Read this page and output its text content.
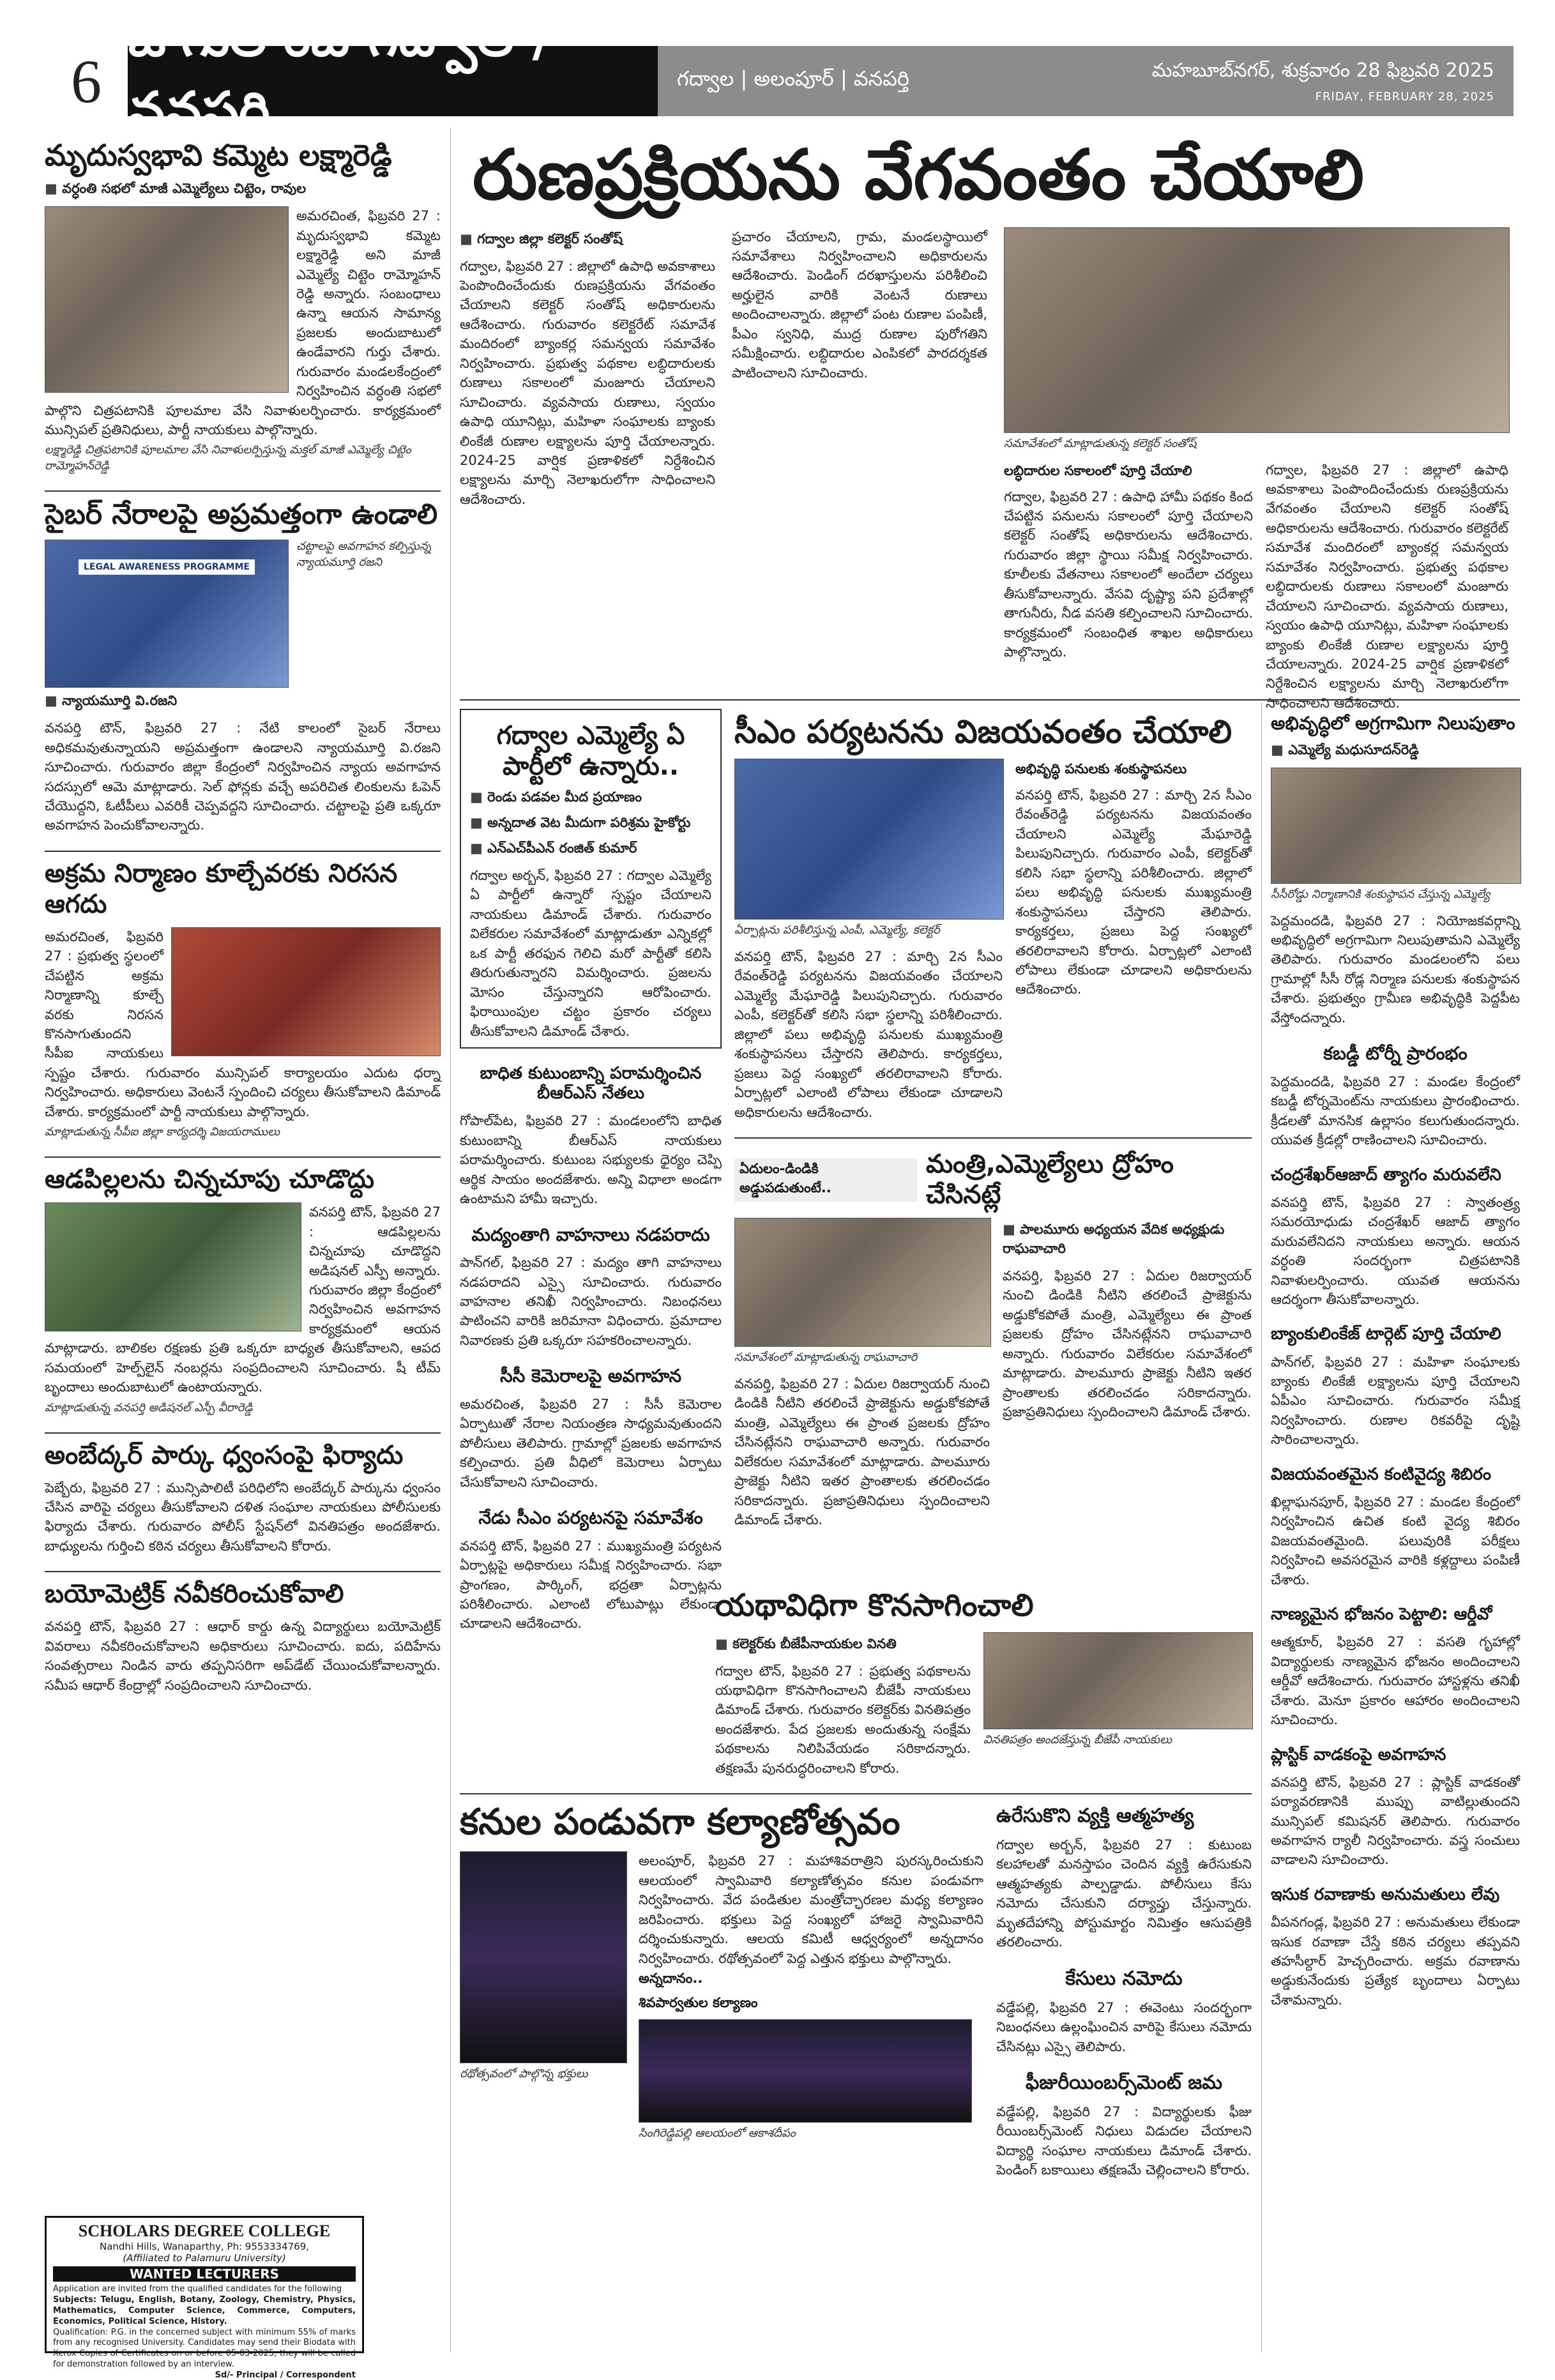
6
జోగులాంబ గద్వాల / వనపర్తి
గద్వాల | అలంపూర్ | వనపర్తి	మహబూబ్‌నగర్, శుక్రవారం 28 ఫిబ్రవరి 2025
FRIDAY, FEBRUARY 28, 2025
మృదుస్వభావి కమ్మెట లక్ష్మారెడ్డి
■ వర్ధంతి సభలో మాజీ ఎమ్మెల్యేలు చిట్టెం, రావుల
అమరచింత, ఫిబ్రవరి 27 : మృదుస్వభావి కమ్మెట లక్ష్మారెడ్డి అని మాజీ ఎమ్మెల్యే చిట్టెం రామ్మోహన్ రెడ్డి అన్నారు. సంబంధాలు ఉన్నా ఆయన సామాన్య ప్రజలకు అందుబాటులో ఉండేవారని గుర్తు చేశారు. గురువారం మండలకేంద్రంలో నిర్వహించిన వర్ధంతి సభలో పాల్గొని చిత్రపటానికి పూలమాల వేసి నివాళులర్పించారు. కార్యక్రమంలో మున్సిపల్ ప్రతినిధులు, పార్టీ నాయకులు పాల్గొన్నారు.
లక్ష్మారెడ్డి చిత్రపటానికి పూలమాల వేసి నివాళులర్పిస్తున్న మక్తల్ మాజీ ఎమ్మెల్యే చిట్టెం రామ్మోహన్‌రెడ్డి
సైబర్ నేరాలపై అప్రమత్తంగా ఉండాలి
LEGAL AWARENESS PROGRAMME
చట్టాలపై అవగాహన కల్పిస్తున్న న్యాయమూర్తి రజని
■ న్యాయమూర్తి వి.రజని
వనపర్తి టౌన్, ఫిబ్రవరి 27 : నేటి కాలంలో సైబర్ నేరాలు అధికమవుతున్నాయని అప్రమత్తంగా ఉండాలని న్యాయమూర్తి వి.రజని సూచించారు. గురువారం జిల్లా కేంద్రంలో నిర్వహించిన న్యాయ అవగాహన సదస్సులో ఆమె మాట్లాడారు. సెల్ ఫోన్లకు వచ్చే అపరిచిత లింకులను ఓపెన్ చేయొద్దని, ఓటీపీలు ఎవరికీ చెప్పవద్దని సూచించారు. చట్టాలపై ప్రతి ఒక్కరూ అవగాహన పెంచుకోవాలన్నారు.
అక్రమ నిర్మాణం కూల్చేవరకు నిరసన ఆగదు
అమరచింత, ఫిబ్రవరి 27 : ప్రభుత్వ స్థలంలో చేపట్టిన అక్రమ నిర్మాణాన్ని కూల్చే వరకు నిరసన కొనసాగుతుందని సీపీఐ నాయకులు స్పష్టం చేశారు. గురువారం మున్సిపల్ కార్యాలయం ఎదుట ధర్నా నిర్వహించారు. అధికారులు వెంటనే స్పందించి చర్యలు తీసుకోవాలని డిమాండ్ చేశారు. కార్యక్రమంలో పార్టీ నాయకులు పాల్గొన్నారు.
మాట్లాడుతున్న సీపీఐ జిల్లా కార్యదర్శి విజయరాములు
ఆడపిల్లలను చిన్నచూపు చూడొద్దు
వనపర్తి టౌన్, ఫిబ్రవరి 27 : ఆడపిల్లలను చిన్నచూపు చూడొద్దని అడిషనల్ ఎస్పీ అన్నారు. గురువారం జిల్లా కేంద్రంలో నిర్వహించిన అవగాహన కార్యక్రమంలో ఆయన మాట్లాడారు. బాలికల రక్షణకు ప్రతి ఒక్కరూ బాధ్యత తీసుకోవాలని, ఆపద సమయంలో హెల్ప్‌లైన్ నంబర్లను సంప్రదించాలని సూచించారు. షీ టీమ్ బృందాలు అందుబాటులో ఉంటాయన్నారు.
మాట్లాడుతున్న వనపర్తి అడిషనల్ ఎస్పీ వీరారెడ్డి
అంబేద్కర్ పార్కు ధ్వంసంపై ఫిర్యాదు
పెబ్బేరు, ఫిబ్రవరి 27 : మున్సిపాలిటీ పరిధిలోని అంబేద్కర్ పార్కును ధ్వంసం చేసిన వారిపై చర్యలు తీసుకోవాలని దళిత సంఘాల నాయకులు పోలీసులకు ఫిర్యాదు చేశారు. గురువారం పోలీస్ స్టేషన్‌లో వినతిపత్రం అందజేశారు. బాధ్యులను గుర్తించి కఠిన చర్యలు తీసుకోవాలని కోరారు.
బయోమెట్రిక్ నవీకరించుకోవాలి
వనపర్తి టౌన్, ఫిబ్రవరి 27 : ఆధార్ కార్డు ఉన్న విద్యార్థులు బయోమెట్రిక్ వివరాలు నవీకరించుకోవాలని అధికారులు సూచించారు. ఐదు, పదిహేను సంవత్సరాలు నిండిన వారు తప్పనిసరిగా అప్‌డేట్ చేయించుకోవాలన్నారు. సమీప ఆధార్ కేంద్రాల్లో సంప్రదించాలని సూచించారు.
SCHOLARS DEGREE COLLEGE
Nandhi Hills, Wanaparthy, Ph: 9553334769,
(Affiliated to Palamuru University)
WANTED LECTURERS
Application are invited from the qualified candidates for the following
Subjects: Telugu, English, Botany, Zoology, Chemistry, Physics, Mathematics, Computer Science, Commerce, Computers, Economics, Political Science, History.
Qualification: P.G. in the concerned subject with minimum 55% of marks from any recognised University. Candidates may send their Biodata with Xerox Copies of Certificates on or before 05-03-2025, they will be called for demonstration followed by an interview.
Sd/- Principal / Correspondent
రుణప్రక్రియను వేగవంతం చేయాలి
■ గద్వాల జిల్లా కలెక్టర్ సంతోష్
గద్వాల, ఫిబ్రవరి 27 : జిల్లాలో ఉపాధి అవకాశాలు పెంపొందించేందుకు రుణప్రక్రియను వేగవంతం చేయాలని కలెక్టర్ సంతోష్ అధికారులను ఆదేశించారు. గురువారం కలెక్టరేట్ సమావేశ మందిరంలో బ్యాంకర్ల సమన్వయ సమావేశం నిర్వహించారు. ప్రభుత్వ పథకాల లబ్ధిదారులకు రుణాలు సకాలంలో మంజూరు చేయాలని సూచించారు. వ్యవసాయ రుణాలు, స్వయం ఉపాధి యూనిట్లు, మహిళా సంఘాలకు బ్యాంకు లింకేజీ రుణాల లక్ష్యాలను పూర్తి చేయాలన్నారు. 2024-25 వార్షిక ప్రణాళికలో నిర్దేశించిన లక్ష్యాలను మార్చి నెలాఖరులోగా సాధించాలని ఆదేశించారు.
ప్రచారం చేయాలని, గ్రామ, మండలస్థాయిలో సమావేశాలు నిర్వహించాలని అధికారులను ఆదేశించారు. పెండింగ్ దరఖాస్తులను పరిశీలించి అర్హులైన వారికి వెంటనే రుణాలు అందించాలన్నారు. జిల్లాలో పంట రుణాల పంపిణీ, పీఎం స్వనిధి, ముద్ర రుణాల పురోగతిని సమీక్షించారు. లబ్ధిదారుల ఎంపికలో పారదర్శకత పాటించాలని సూచించారు.
సమావేశంలో మాట్లాడుతున్న కలెక్టర్ సంతోష్
లబ్ధిదారుల సకాలంలో పూర్తి చేయాలి
గద్వాల, ఫిబ్రవరి 27 : ఉపాధి హామీ పథకం కింద చేపట్టిన పనులను సకాలంలో పూర్తి చేయాలని కలెక్టర్ సంతోష్ అధికారులను ఆదేశించారు. గురువారం జిల్లా స్థాయి సమీక్ష నిర్వహించారు. కూలీలకు వేతనాలు సకాలంలో అందేలా చర్యలు తీసుకోవాలన్నారు. వేసవి దృష్ట్యా పని ప్రదేశాల్లో తాగునీరు, నీడ వసతి కల్పించాలని సూచించారు. కార్యక్రమంలో సంబంధిత శాఖల అధికారులు పాల్గొన్నారు.
గద్వాల, ఫిబ్రవరి 27 : జిల్లాలో ఉపాధి అవకాశాలు పెంపొందించేందుకు రుణప్రక్రియను వేగవంతం చేయాలని కలెక్టర్ సంతోష్ అధికారులను ఆదేశించారు. గురువారం కలెక్టరేట్ సమావేశ మందిరంలో బ్యాంకర్ల సమన్వయ సమావేశం నిర్వహించారు. ప్రభుత్వ పథకాల లబ్ధిదారులకు రుణాలు సకాలంలో మంజూరు చేయాలని సూచించారు. వ్యవసాయ రుణాలు, స్వయం ఉపాధి యూనిట్లు, మహిళా సంఘాలకు బ్యాంకు లింకేజీ రుణాల లక్ష్యాలను పూర్తి చేయాలన్నారు. 2024-25 వార్షిక ప్రణాళికలో నిర్దేశించిన లక్ష్యాలను మార్చి నెలాఖరులోగా సాధించాలని ఆదేశించారు.
గద్వాల ఎమ్మెల్యే ఏ పార్టీలో ఉన్నారు..
■ రెండు పడవల మీద ప్రయాణం
■ అన్నదాత వెట మీదుగా పరిశ్రమ హైకోర్టు
■ ఎన్‌ఎచ్‌పీఎన్ రంజిత్ కుమార్
గద్వాల అర్బన్, ఫిబ్రవరి 27 : గద్వాల ఎమ్మెల్యే ఏ పార్టీలో ఉన్నారో స్పష్టం చేయాలని నాయకులు డిమాండ్ చేశారు. గురువారం విలేకరుల సమావేశంలో మాట్లాడుతూ ఎన్నికల్లో ఒక పార్టీ తరఫున గెలిచి మరో పార్టీతో కలిసి తిరుగుతున్నారని విమర్శించారు. ప్రజలను మోసం చేస్తున్నారని ఆరోపించారు. ఫిరాయింపుల చట్టం ప్రకారం చర్యలు తీసుకోవాలని డిమాండ్ చేశారు.
బాధిత కుటుంబాన్ని పరామర్శించిన బీఆర్‌ఎస్ నేతలు
గోపాల్‌పేట, ఫిబ్రవరి 27 : మండలంలోని బాధిత కుటుంబాన్ని బీఆర్ఎస్ నాయకులు పరామర్శించారు. కుటుంబ సభ్యులకు ధైర్యం చెప్పి ఆర్థిక సాయం అందజేశారు. అన్ని విధాలా అండగా ఉంటామని హామీ ఇచ్చారు.
మద్యంతాగి వాహనాలు నడపరాదు
పాన్‌గల్, ఫిబ్రవరి 27 : మద్యం తాగి వాహనాలు నడపరాదని ఎస్సై సూచించారు. గురువారం వాహనాల తనిఖీ నిర్వహించారు. నిబంధనలు పాటించని వారికి జరిమానా విధించారు. ప్రమాదాల నివారణకు ప్రతి ఒక్కరూ సహకరించాలన్నారు.
సీసీ కెమెరాలపై అవగాహన
అమరచింత, ఫిబ్రవరి 27 : సీసీ కెమెరాల ఏర్పాటుతో నేరాల నియంత్రణ సాధ్యమవుతుందని పోలీసులు తెలిపారు. గ్రామాల్లో ప్రజలకు అవగాహన కల్పించారు. ప్రతి వీధిలో కెమెరాలు ఏర్పాటు చేసుకోవాలని సూచించారు.
నేడు సీఎం పర్యటనపై సమావేశం
వనపర్తి టౌన్, ఫిబ్రవరి 27 : ముఖ్యమంత్రి పర్యటన ఏర్పాట్లపై అధికారులు సమీక్ష నిర్వహించారు. సభా ప్రాంగణం, పార్కింగ్, భద్రతా ఏర్పాట్లను పరిశీలించారు. ఎలాంటి లోటుపాట్లు లేకుండా చూడాలని ఆదేశించారు.
సీఎం పర్యటనను విజయవంతం చేయాలి
ఏర్పాట్లను పరిశీలిస్తున్న ఎంపీ, ఎమ్మెల్యే, కలెక్టర్
వనపర్తి టౌన్, ఫిబ్రవరి 27 : మార్చి 2న సీఎం రేవంత్‌రెడ్డి పర్యటనను విజయవంతం చేయాలని ఎమ్మెల్యే మేఘారెడ్డి పిలుపునిచ్చారు. గురువారం ఎంపీ, కలెక్టర్‌తో కలిసి సభా స్థలాన్ని పరిశీలించారు. జిల్లాలో పలు అభివృద్ధి పనులకు ముఖ్యమంత్రి శంకుస్థాపనలు చేస్తారని తెలిపారు. కార్యకర్తలు, ప్రజలు పెద్ద సంఖ్యలో తరలిరావాలని కోరారు. ఏర్పాట్లలో ఎలాంటి లోపాలు లేకుండా చూడాలని అధికారులను ఆదేశించారు.
అభివృద్ధి పనులకు శంకుస్థాపనలు
వనపర్తి టౌన్, ఫిబ్రవరి 27 : మార్చి 2న సీఎం రేవంత్‌రెడ్డి పర్యటనను విజయవంతం చేయాలని ఎమ్మెల్యే మేఘారెడ్డి పిలుపునిచ్చారు. గురువారం ఎంపీ, కలెక్టర్‌తో కలిసి సభా స్థలాన్ని పరిశీలించారు. జిల్లాలో పలు అభివృద్ధి పనులకు ముఖ్యమంత్రి శంకుస్థాపనలు చేస్తారని తెలిపారు. కార్యకర్తలు, ప్రజలు పెద్ద సంఖ్యలో తరలిరావాలని కోరారు. ఏర్పాట్లలో ఎలాంటి లోపాలు లేకుండా చూడాలని అధికారులను ఆదేశించారు.
ఏదులం-డిండికి అడ్డుపడుతుంటే..
మంత్రి,ఎమ్మెల్యేలు ద్రోహం చేసినట్లే
సమావేశంలో మాట్లాడుతున్న రాఘవాచారి
వనపర్తి, ఫిబ్రవరి 27 : ఏదుల రిజర్వాయర్ నుంచి డిండికి నీటిని తరలించే ప్రాజెక్టును అడ్డుకోకపోతే మంత్రి, ఎమ్మెల్యేలు ఈ ప్రాంత ప్రజలకు ద్రోహం చేసినట్లేనని రాఘవాచారి అన్నారు. గురువారం విలేకరుల సమావేశంలో మాట్లాడారు. పాలమూరు ప్రాజెక్టు నీటిని ఇతర ప్రాంతాలకు తరలించడం సరికాదన్నారు. ప్రజాప్రతినిధులు స్పందించాలని డిమాండ్ చేశారు.
■ పాలమూరు అధ్యయన వేదిక అధ్యక్షుడు రాఘవాచారి
వనపర్తి, ఫిబ్రవరి 27 : ఏదుల రిజర్వాయర్ నుంచి డిండికి నీటిని తరలించే ప్రాజెక్టును అడ్డుకోకపోతే మంత్రి, ఎమ్మెల్యేలు ఈ ప్రాంత ప్రజలకు ద్రోహం చేసినట్లేనని రాఘవాచారి అన్నారు. గురువారం విలేకరుల సమావేశంలో మాట్లాడారు. పాలమూరు ప్రాజెక్టు నీటిని ఇతర ప్రాంతాలకు తరలించడం సరికాదన్నారు. ప్రజాప్రతినిధులు స్పందించాలని డిమాండ్ చేశారు.
యథావిధిగా కొనసాగించాలి
■ కలెక్టర్‌కు బీజేపీనాయకుల వినతి
గద్వాల టౌన్, ఫిబ్రవరి 27 : ప్రభుత్వ పథకాలను యథావిధిగా కొనసాగించాలని బీజేపీ నాయకులు డిమాండ్ చేశారు. గురువారం కలెక్టర్‌కు వినతిపత్రం అందజేశారు. పేద ప్రజలకు అందుతున్న సంక్షేమ పథకాలను నిలిపివేయడం సరికాదన్నారు. తక్షణమే పునరుద్ధరించాలని కోరారు.
వినతిపత్రం అందజేస్తున్న బీజేపీ నాయకులు
కనుల పండువగా కల్యాణోత్సవం
రథోత్సవంలో పాల్గొన్న భక్తులు
అలంపూర్, ఫిబ్రవరి 27 : మహాశివరాత్రిని పురస్కరించుకుని ఆలయంలో స్వామివారి కల్యాణోత్సవం కనుల పండువగా నిర్వహించారు. వేద పండితుల మంత్రోచ్ఛారణల మధ్య కల్యాణం జరిపించారు. భక్తులు పెద్ద సంఖ్యలో హాజరై స్వామివారిని దర్శించుకున్నారు. ఆలయ కమిటీ ఆధ్వర్యంలో అన్నదానం నిర్వహించారు. రథోత్సవంలో పెద్ద ఎత్తున భక్తులు పాల్గొన్నారు.
అన్నదానం..
శివపార్వతుల కల్యాణం
సింగిరెడ్డిపల్లి ఆలయంలో ఆకాశదీపం
ఉరేసుకొని వ్యక్తి ఆత్మహత్య
గద్వాల అర్బన్, ఫిబ్రవరి 27 : కుటుంబ కలహాలతో మనస్తాపం చెందిన వ్యక్తి ఉరేసుకుని ఆత్మహత్యకు పాల్పడ్డాడు. పోలీసులు కేసు నమోదు చేసుకుని దర్యాప్తు చేస్తున్నారు. మృతదేహాన్ని పోస్టుమార్టం నిమిత్తం ఆసుపత్రికి తరలించారు.
కేసులు నమోదు
వడ్డేపల్లి, ఫిబ్రవరి 27 : ఈవెంటు సందర్భంగా నిబంధనలు ఉల్లంఘించిన వారిపై కేసులు నమోదు చేసినట్లు ఎస్సై తెలిపారు.
ఫీజురీయింబర్స్‌మెంట్ జమ
వడ్డేపల్లి, ఫిబ్రవరి 27 : విద్యార్థులకు ఫీజు రీయింబర్స్‌మెంట్ నిధులు విడుదల చేయాలని విద్యార్థి సంఘాల నాయకులు డిమాండ్ చేశారు. పెండింగ్ బకాయిలు తక్షణమే చెల్లించాలని కోరారు.
అభివృద్ధిలో అగ్రగామిగా నిలుపుతాం
■ ఎమ్మెల్యే మధుసూదన్‌రెడ్డి
సీసీరోడ్డు నిర్మాణానికి శంకుస్థాపన చేస్తున్న ఎమ్మెల్యే
పెద్దమందడి, ఫిబ్రవరి 27 : నియోజకవర్గాన్ని అభివృద్ధిలో అగ్రగామిగా నిలుపుతామని ఎమ్మెల్యే తెలిపారు. గురువారం మండలంలోని పలు గ్రామాల్లో సీసీ రోడ్ల నిర్మాణ పనులకు శంకుస్థాపన చేశారు. ప్రభుత్వం గ్రామీణ అభివృద్ధికి పెద్దపీట వేస్తోందన్నారు.
కబడ్డీ టోర్నీ ప్రారంభం
పెద్దమందడి, ఫిబ్రవరి 27 : మండల కేంద్రంలో కబడ్డీ టోర్నమెంట్‌ను నాయకులు ప్రారంభించారు. క్రీడలతో మానసిక ఉల్లాసం కలుగుతుందన్నారు. యువత క్రీడల్లో రాణించాలని సూచించారు.
చంద్రశేఖర్‌ఆజాద్ త్యాగం మరువలేని
వనపర్తి టౌన్, ఫిబ్రవరి 27 : స్వాతంత్ర్య సమరయోధుడు చంద్రశేఖర్ ఆజాద్ త్యాగం మరువలేనిదని నాయకులు అన్నారు. ఆయన వర్ధంతి సందర్భంగా చిత్రపటానికి నివాళులర్పించారు. యువత ఆయనను ఆదర్శంగా తీసుకోవాలన్నారు.
బ్యాంకులింకేజ్ టార్గెట్ పూర్తి చేయాలి
పాన్‌గల్, ఫిబ్రవరి 27 : మహిళా సంఘాలకు బ్యాంకు లింకేజీ లక్ష్యాలను పూర్తి చేయాలని ఏపీఎం సూచించారు. గురువారం సమీక్ష నిర్వహించారు. రుణాల రికవరీపై దృష్టి సారించాలన్నారు.
విజయవంతమైన కంటివైద్య శిబిరం
ఖిల్లాఘనపూర్, ఫిబ్రవరి 27 : మండల కేంద్రంలో నిర్వహించిన ఉచిత కంటి వైద్య శిబిరం విజయవంతమైంది. పలువురికి పరీక్షలు నిర్వహించి అవసరమైన వారికి కళ్లద్దాలు పంపిణీ చేశారు.
నాణ్యమైన భోజనం పెట్టాలి: ఆర్డీవో
ఆత్మకూర్, ఫిబ్రవరి 27 : వసతి గృహాల్లో విద్యార్థులకు నాణ్యమైన భోజనం అందించాలని ఆర్డీవో ఆదేశించారు. గురువారం హాస్టళ్లను తనిఖీ చేశారు. మెనూ ప్రకారం ఆహారం అందించాలని సూచించారు.
ప్లాస్టిక్ వాడకంపై అవగాహన
వనపర్తి టౌన్, ఫిబ్రవరి 27 : ప్లాస్టిక్ వాడకంతో పర్యావరణానికి ముప్పు వాటిల్లుతుందని మున్సిపల్ కమిషనర్ తెలిపారు. గురువారం అవగాహన ర్యాలీ నిర్వహించారు. వస్త్ర సంచులు వాడాలని సూచించారు.
ఇసుక రవాణాకు అనుమతులు లేవు
వీపనగండ్ల, ఫిబ్రవరి 27 : అనుమతులు లేకుండా ఇసుక రవాణా చేస్తే కఠిన చర్యలు తప్పవని తహసీల్దార్ హెచ్చరించారు. అక్రమ రవాణాను అడ్డుకునేందుకు ప్రత్యేక బృందాలు ఏర్పాటు చేశామన్నారు.
